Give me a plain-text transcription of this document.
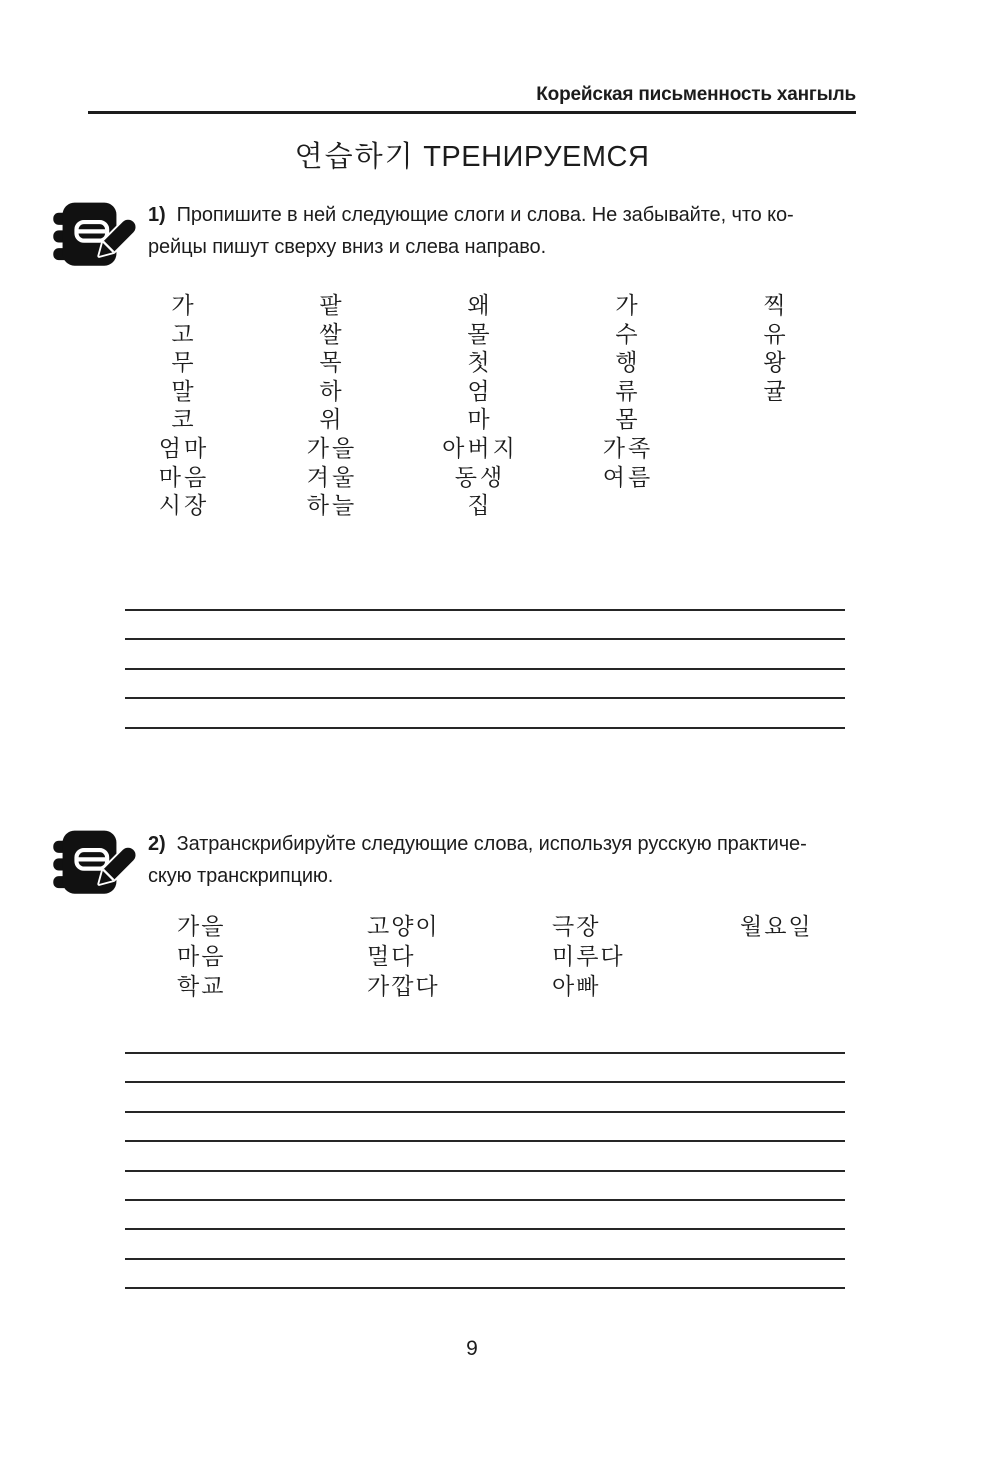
Корейская письменность хангыль
연습하기 ТРЕНИРУЕМСЯ
1) Пропишите в ней следующие слоги и слова. Не забывайте, что ко-
рейцы пишут сверху вниз и слева направо.
가
고
무
말
코
엄마
마음
시장
팥
쌀
목
하
위
가을
겨울
하늘
왜
몰
첫
엄
마
아버지
동생
집
가
수
행
류
몸
가족
여름
찍
유
왕
귤
2) Затранскрибируйте следующие слова, используя русскую практиче-
скую транскрипцию.
가을
마음
학교
고양이
멀다
가깝다
극장
미루다
아빠
월요일
9
